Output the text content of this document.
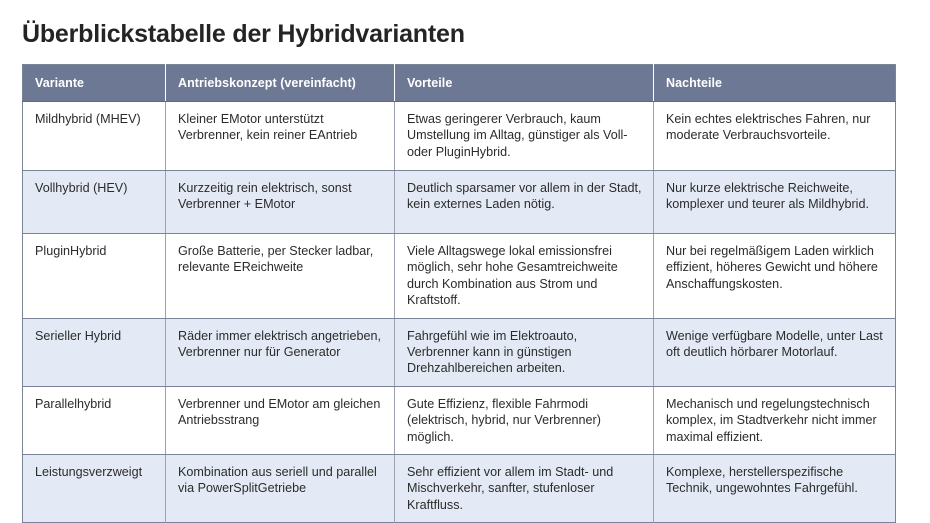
Überblickstabelle der Hybridvarianten
Variante	Antriebskonzept (vereinfacht)	Vorteile	Nachteile
Mildhybrid (MHEV)	Kleiner EMotor unterstützt Verbrenner, kein reiner EAntrieb	Etwas geringerer Verbrauch, kaum Umstellung im Alltag, günstiger als Voll- oder PluginHybrid.	Kein echtes elektrisches Fahren, nur moderate Verbrauchsvorteile.
Vollhybrid (HEV)	Kurzzeitig rein elektrisch, sonst Verbrenner + EMotor	Deutlich sparsamer vor allem in der Stadt, kein externes Laden nötig.	Nur kurze elektrische Reichweite, komplexer und teurer als Mildhybrid.
PluginHybrid	Große Batterie, per Stecker ladbar, relevante EReichweite	Viele Alltagswege lokal emissionsfrei möglich, sehr hohe Gesamtreichweite durch Kombination aus Strom und Kraftstoff.	Nur bei regelmäßigem Laden wirklich effizient, höheres Gewicht und höhere Anschaffungskosten.
Serieller Hybrid	Räder immer elektrisch angetrieben, Verbrenner nur für Generator	Fahrgefühl wie im Elektroauto, Verbrenner kann in günstigen Drehzahlbereichen arbeiten.	Wenige verfügbare Modelle, unter Last oft deutlich hörbarer Motorlauf.
Parallelhybrid	Verbrenner und EMotor am gleichen Antriebsstrang	Gute Effizienz, flexible Fahrmodi (elektrisch, hybrid, nur Verbrenner) möglich.	Mechanisch und regelungstechnisch komplex, im Stadtverkehr nicht immer maximal effizient.
Leistungsverzweigt	Kombination aus seriell und parallel via PowerSplitGetriebe	Sehr effizient vor allem im Stadt- und Mischverkehr, sanfter, stufenloser Kraftfluss.	Komplexe, herstellerspezifische Technik, ungewohntes Fahrgefühl.
